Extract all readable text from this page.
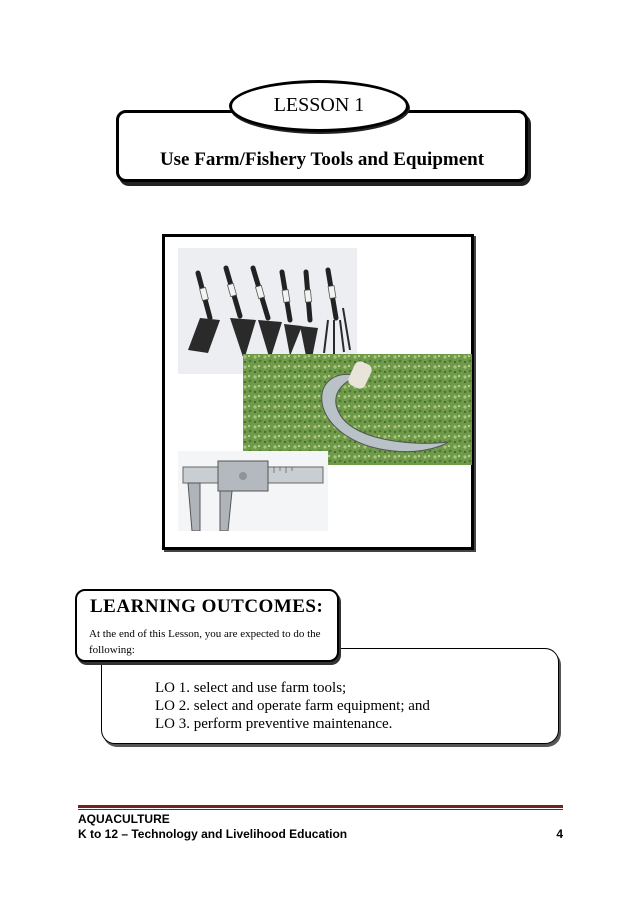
Use Farm/Fishery Tools and Equipment
LESSON 1
LO 1. select and use farm tools;
LO 2. select and operate farm equipment; and
LO 3. perform preventive maintenance.
LEARNING OUTCOMES:
At the end of this Lesson, you are expected to do the following:
AQUACULTURE
K to 12 – Technology and Livelihood Education	4
